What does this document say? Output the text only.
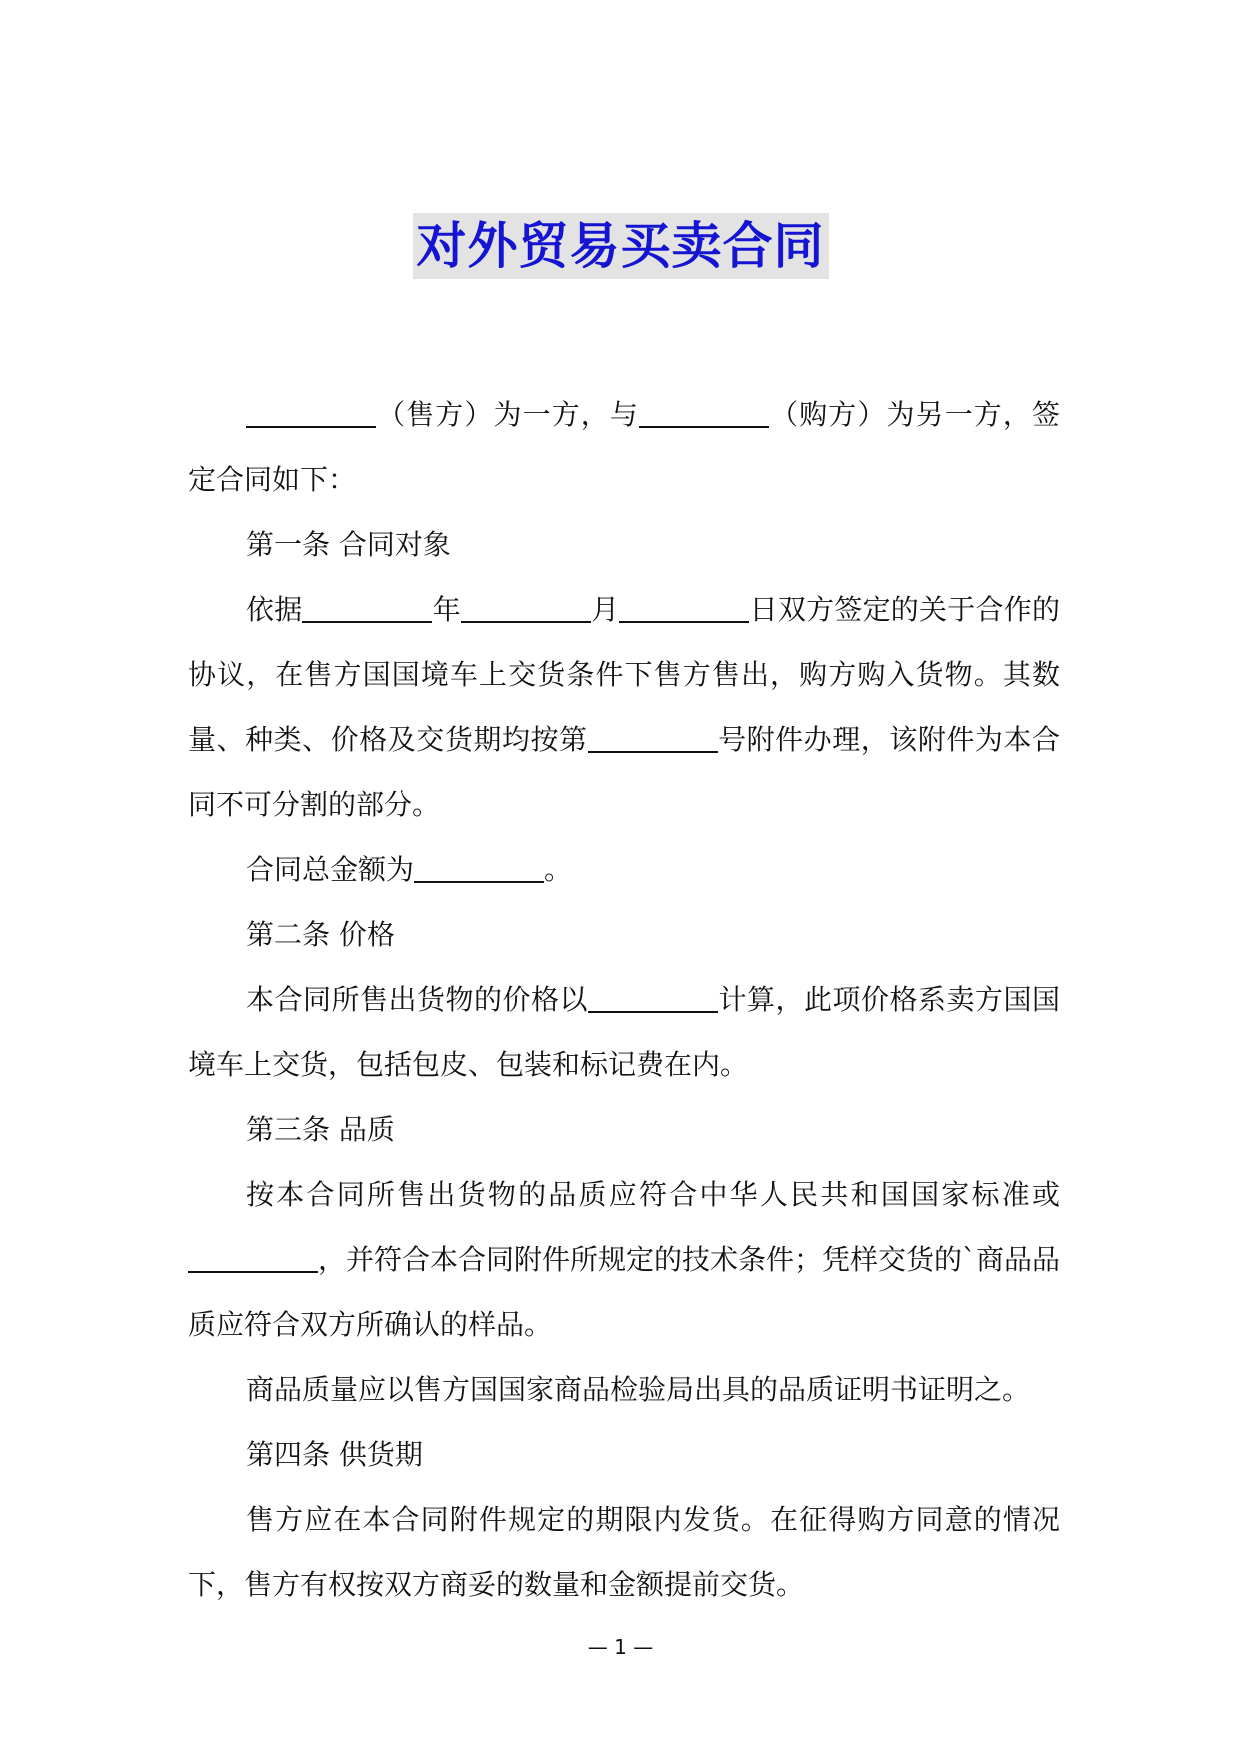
对外贸易买卖合同

（售方）为一方，与	（购方）为另一方，签定合同如下：

第一条 合同对象

依据	年	月	日双方签定的关于合作的协议，在售方国国境车上交货条件下售方售出，购方购入货物。其数量、种类、价格及交货期均按第	号附件办理，该附件为本合同不可分割的部分。

合同总金额为	。

第二条 价格

本合同所售出货物的价格以	计算，此项价格系卖方国国境车上交货，包括包皮、包装和标记费在内。

第三条 品质

按本合同所售出货物的品质应符合中华人民共和国国家标准或，并符合本合同附件所规定的技术条件；凭样交货的`商品品质应符合双方所确认的样品。

商品质量应以售方国国家商品检验局出具的品质证明书证明之。

第四条 供货期

售方应在本合同附件规定的期限内发货。在征得购方同意的情况下，售方有权按双方商妥的数量和金额提前交货。

— 1 —
